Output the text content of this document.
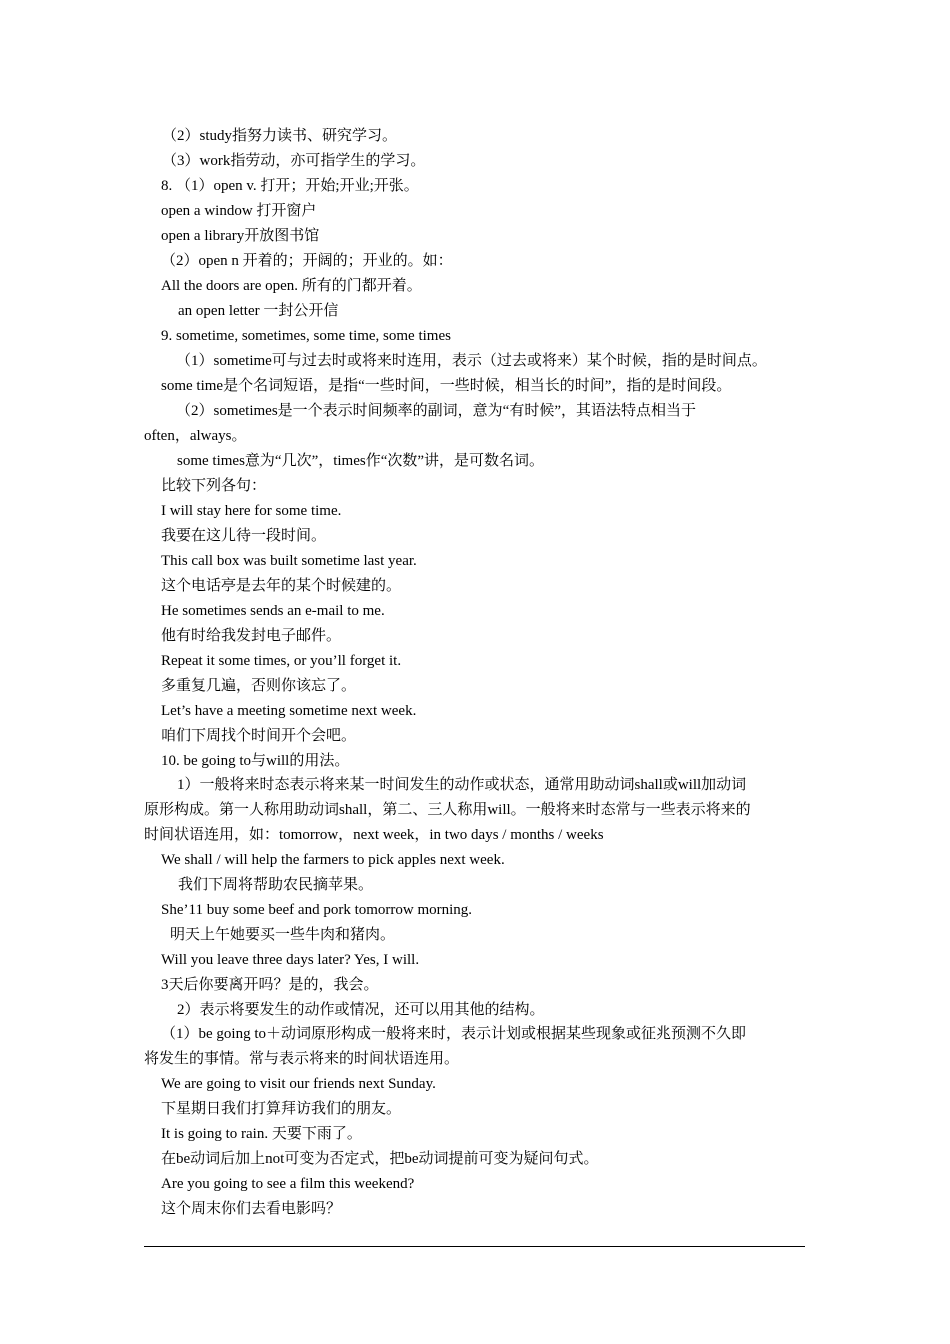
（2）study指努力读书、研究学习。
（3）work指劳动，亦可指学生的学习。
8. （1）open v. 打开；开始;开业;开张。
open a window 打开窗户
open a library开放图书馆
（2）open n 开着的；开阔的；开业的。如：
All the doors are open. 所有的门都开着。
an open letter 一封公开信
9. sometime, sometimes, some time, some times
（1）sometime可与过去时或将来时连用，表示（过去或将来）某个时候，指的是时间点。
some time是个名词短语，是指“一些时间，一些时候，相当长的时间”，指的是时间段。
（2）sometimes是一个表示时间频率的副词，意为“有时候”，其语法特点相当于
often，always。
some times意为“几次”，times作“次数”讲，是可数名词。
比较下列各句：
I will stay here for some time.
我要在这儿待一段时间。
This call box was built sometime last year.
这个电话亭是去年的某个时候建的。
He sometimes sends an e-mail to me.
他有时给我发封电子邮件。
Repeat it some times, or you’ll forget it.
多重复几遍，否则你该忘了。
Let’s have a meeting sometime next week.
咱们下周找个时间开个会吧。
10. be going to与will的用法。
1）一般将来时态表示将来某一时间发生的动作或状态，通常用助动词shall或will加动词
原形构成。第一人称用助动词shall，第二、三人称用will。一般将来时态常与一些表示将来的
时间状语连用，如：tomorrow，next week，in two days / months / weeks
We shall / will help the farmers to pick apples next week.
我们下周将帮助农民摘苹果。
She’11 buy some beef and pork tomorrow morning.
明天上午她要买一些牛肉和猪肉。
Will you leave three days later? Yes, I will.
3天后你要离开吗？是的，我会。
2）表示将要发生的动作或情况，还可以用其他的结构。
（1）be going to＋动词原形构成一般将来时，表示计划或根据某些现象或征兆预测不久即
将发生的事情。常与表示将来的时间状语连用。
We are going to visit our friends next Sunday.
下星期日我们打算拜访我们的朋友。
It is going to rain. 天要下雨了。
在be动词后加上not可变为否定式，把be动词提前可变为疑问句式。
Are you going to see a film this weekend?
这个周末你们去看电影吗？
